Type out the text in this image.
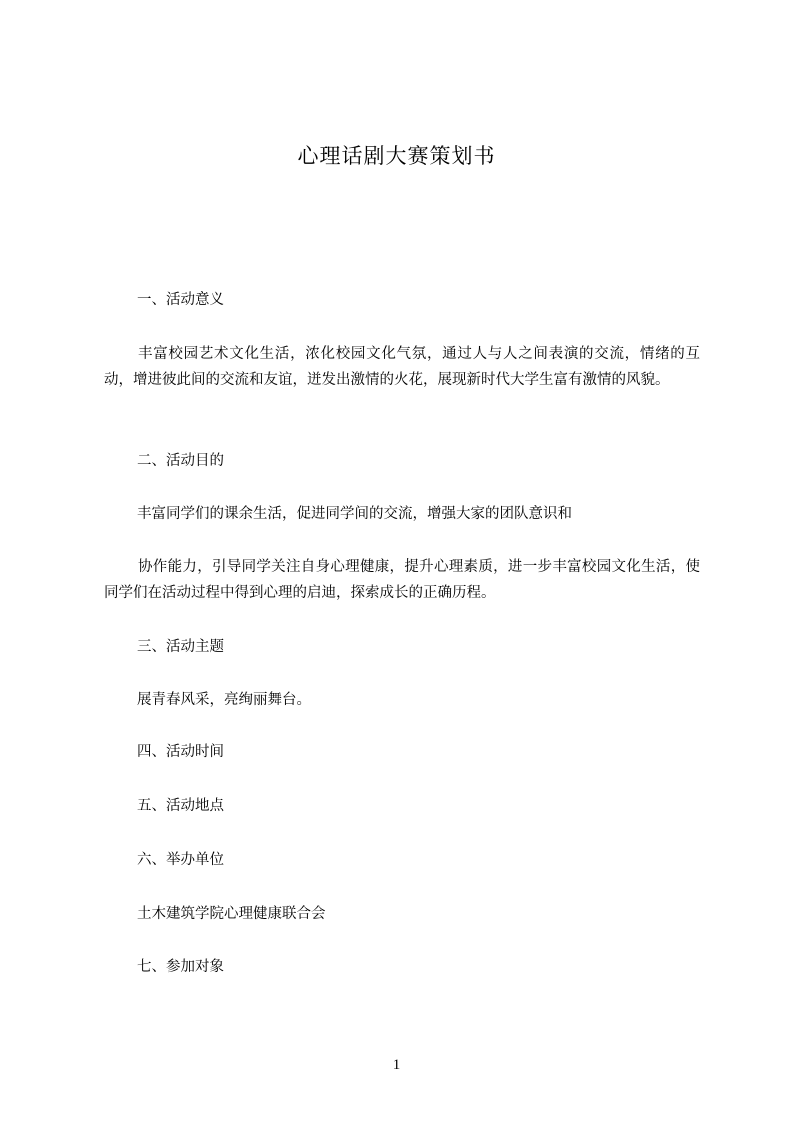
心理话剧大赛策划书
一、活动意义
丰富校园艺术文化生活，浓化校园文化气氛，通过人与人之间表演的交流，情绪的互动，增进彼此间的交流和友谊，迸发出激情的火花，展现新时代大学生富有激情的风貌。
二、活动目的
丰富同学们的课余生活，促进同学间的交流，增强大家的团队意识和
协作能力，引导同学关注自身心理健康，提升心理素质，进一步丰富校园文化生活，使同学们在活动过程中得到心理的启迪，探索成长的正确历程。
三、活动主题
展青春风采，亮绚丽舞台。
四、活动时间
五、活动地点
六、举办单位
土木建筑学院心理健康联合会
七、参加对象
1
